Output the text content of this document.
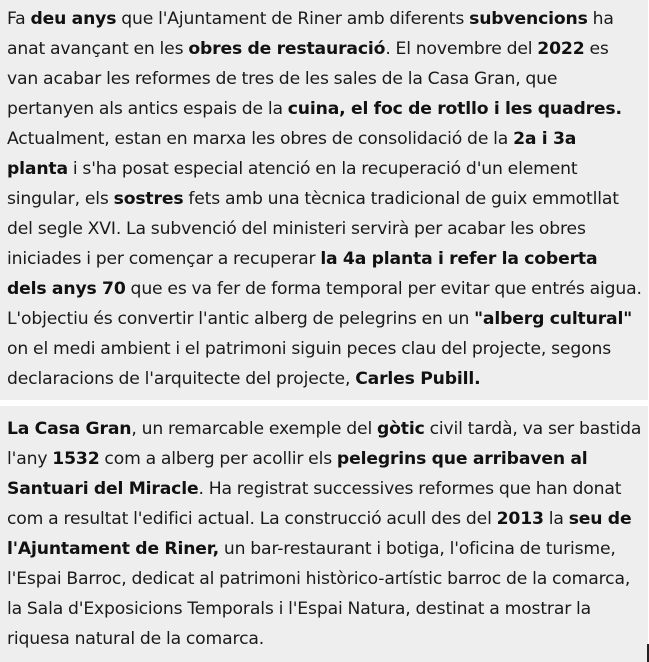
Fa deu anys que l'Ajuntament de Riner amb diferents subvencions ha anat avançant en les obres de restauració. El novembre del 2022 es van acabar les reformes de tres de les sales de la Casa Gran, que pertanyen als antics espais de la cuina, el foc de rotllo i les quadres. Actualment, estan en marxa les obres de consolidació de la 2a i 3a planta i s'ha posat especial atenció en la recuperació d'un element singular, els sostres fets amb una tècnica tradicional de guix emmotllat del segle XVI. La subvenció del ministeri servirà per acabar les obres iniciades i per començar a recuperar la 4a planta i refer la coberta dels anys 70 que es va fer de forma temporal per evitar que entrés aigua. L'objectiu és convertir l'antic alberg de pelegrins en un "alberg cultural" on el medi ambient i el patrimoni siguin peces clau del projecte, segons declaracions de l'arquitecte del projecte, Carles Pubill.

La Casa Gran, un remarcable exemple del gòtic civil tardà, va ser bastida l'any 1532 com a alberg per acollir els pelegrins que arribaven al Santuari del Miracle. Ha registrat successives reformes que han donat com a resultat l'edifici actual. La construcció acull des del 2013 la seu de l'Ajuntament de Riner, un bar-restaurant i botiga, l'oficina de turisme, l'Espai Barroc, dedicat al patrimoni històrico-artístic barroc de la comarca, la Sala d'Exposicions Temporals i l'Espai Natura, destinat a mostrar la riquesa natural de la comarca.
